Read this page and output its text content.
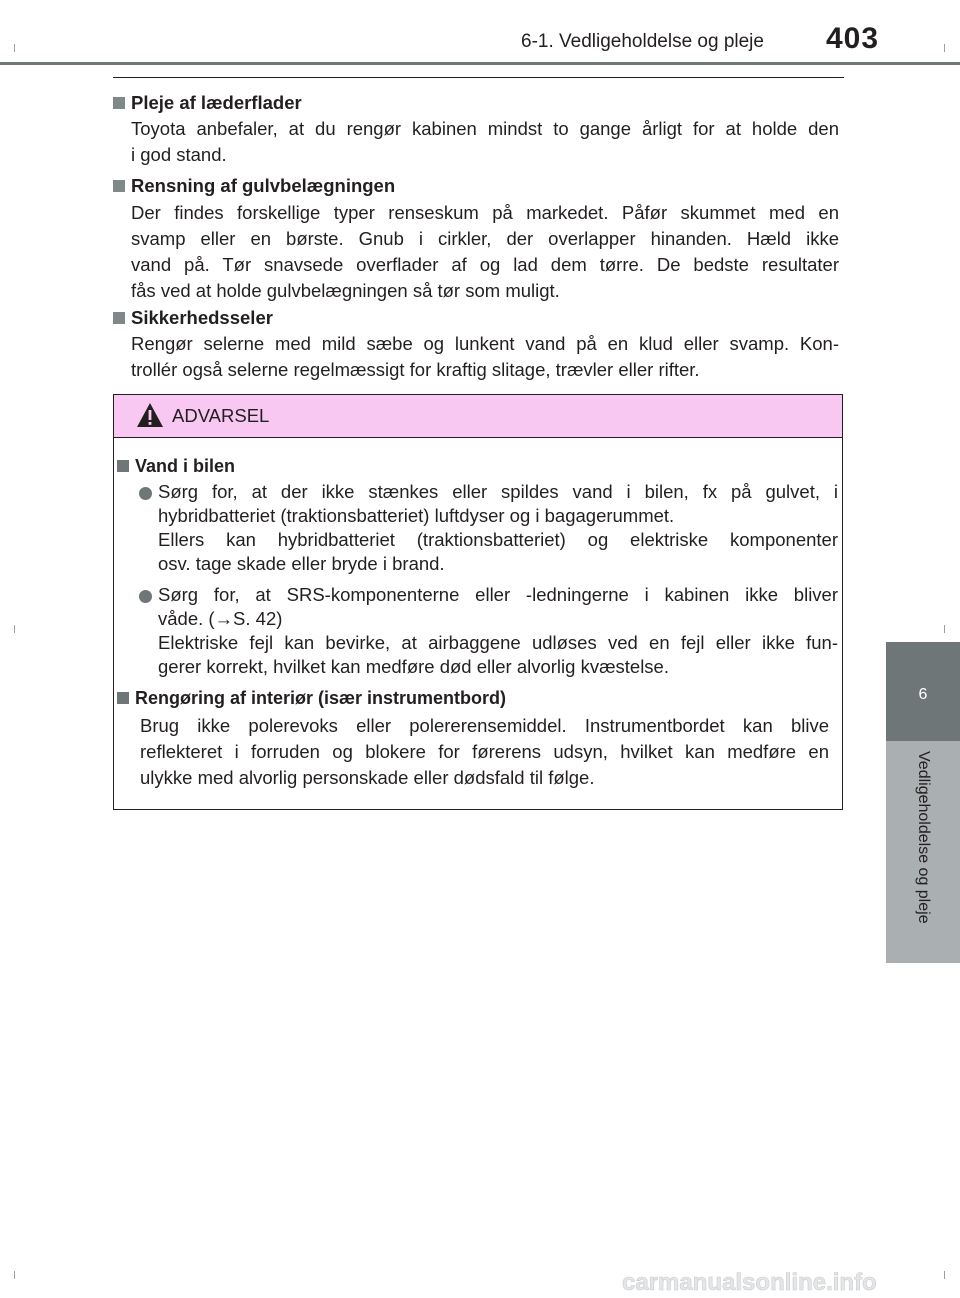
6-1. Vedligeholdelse og pleje 403
6
Vedligeholdelse og pleje
Pleje af læderflader
Toyota anbefaler, at du rengør kabinen mindst to gange årligt for at holde den
i god stand.
Rensning af gulvbelægningen
Der findes forskellige typer renseskum på markedet. Påfør skummet med en
svamp eller en børste. Gnub i cirkler, der overlapper hinanden. Hæld ikke
vand på. Tør snavsede overflader af og lad dem tørre. De bedste resultater
fås ved at holde gulvbelægningen så tør som muligt.
Sikkerhedsseler
Rengør selerne med mild sæbe og lunkent vand på en klud eller svamp. Kon-
trollér også selerne regelmæssigt for kraftig slitage, trævler eller rifter.
ADVARSEL
Vand i bilen
Sørg for, at der ikke stænkes eller spildes vand i bilen, fx på gulvet, i
hybridbatteriet (traktionsbatteriet) luftdyser og i bagagerummet.
Ellers kan hybridbatteriet (traktionsbatteriet) og elektriske komponenter
osv. tage skade eller bryde i brand.
Sørg for, at SRS-komponenterne eller -ledningerne i kabinen ikke bliver
våde. (→S. 42)
Elektriske fejl kan bevirke, at airbaggene udløses ved en fejl eller ikke fun-
gerer korrekt, hvilket kan medføre død eller alvorlig kvæstelse.
Rengøring af interiør (især instrumentbord)
Brug ikke polerevoks eller polererensemiddel. Instrumentbordet kan blive
reflekteret i forruden og blokere for førerens udsyn, hvilket kan medføre en
ulykke med alvorlig personskade eller dødsfald til følge.
carmanualsonline.info
